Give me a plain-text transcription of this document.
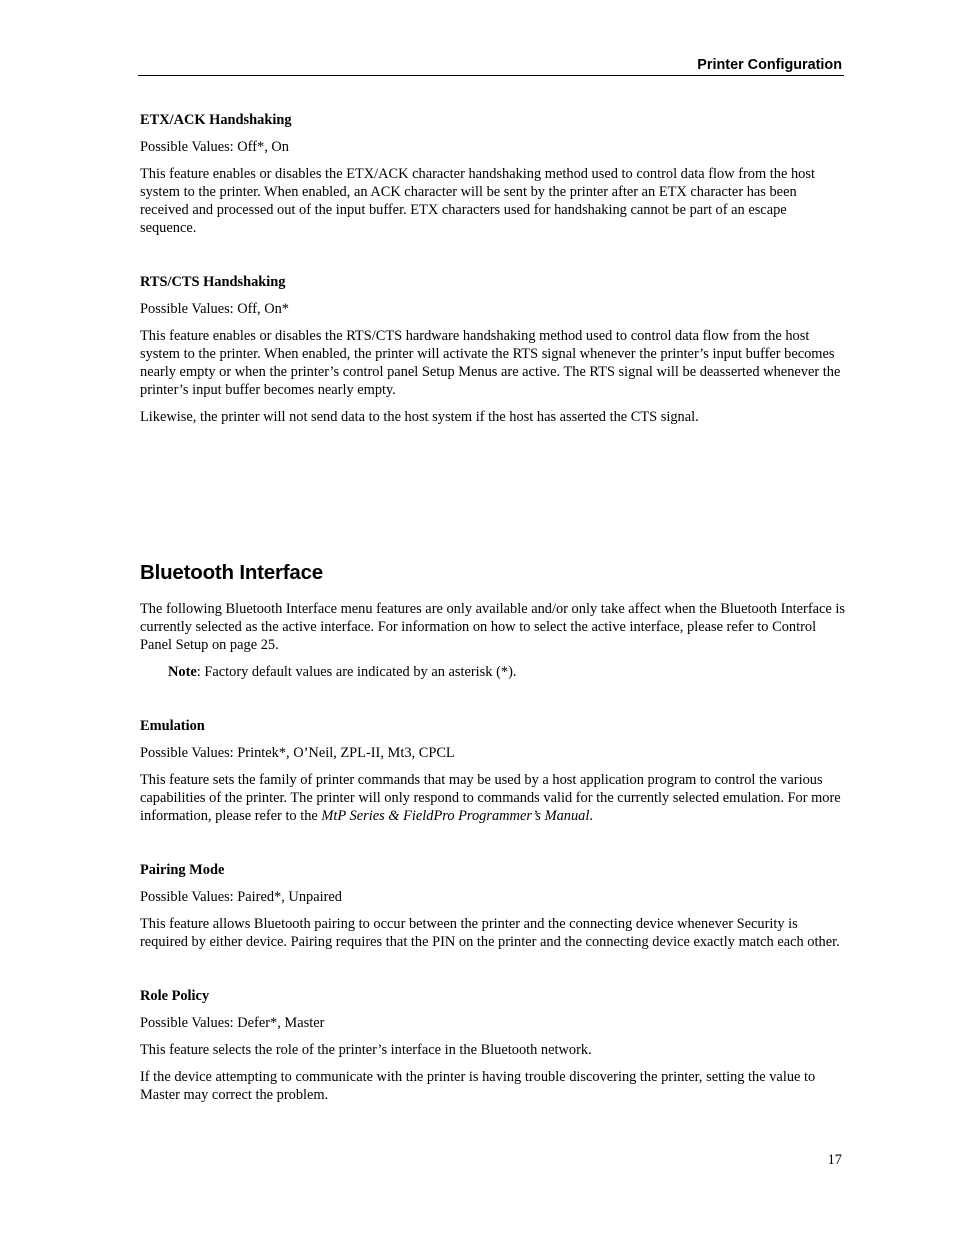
Printer Configuration
ETX/ACK Handshaking
Possible Values: Off*, On

This feature enables or disables the ETX/ACK character handshaking method used to control data flow from the host system to the printer. When enabled, an ACK character will be sent by the printer after an ETX character has been received and processed out of the input buffer. ETX characters used for handshaking cannot be part of an escape sequence.

RTS/CTS Handshaking
Possible Values: Off, On*

This feature enables or disables the RTS/CTS hardware handshaking method used to control data flow from the host system to the printer. When enabled, the printer will activate the RTS signal whenever the printer’s input buffer becomes nearly empty or when the printer’s control panel Setup Menus are active. The RTS signal will be deasserted whenever the printer’s input buffer becomes nearly empty.

Likewise, the printer will not send data to the host system if the host has asserted the CTS signal.

Bluetooth Interface

The following Bluetooth Interface menu features are only available and/or only take affect when the Bluetooth Interface is currently selected as the active interface. For information on how to select the active interface, please refer to Control Panel Setup on page 25.

Note: Factory default values are indicated by an asterisk (*).

Emulation
Possible Values: Printek*, O’Neil, ZPL-II, Mt3, CPCL

This feature sets the family of printer commands that may be used by a host application program to control the various capabilities of the printer. The printer will only respond to commands valid for the currently selected emulation. For more information, please refer to the MtP Series & FieldPro Programmer’s Manual.

Pairing Mode
Possible Values: Paired*, Unpaired

This feature allows Bluetooth pairing to occur between the printer and the connecting device whenever Security is required by either device. Pairing requires that the PIN on the printer and the connecting device exactly match each other.

Role Policy
Possible Values: Defer*, Master

This feature selects the role of the printer’s interface in the Bluetooth network.

If the device attempting to communicate with the printer is having trouble discovering the printer, setting the value to Master may correct the problem.

17
